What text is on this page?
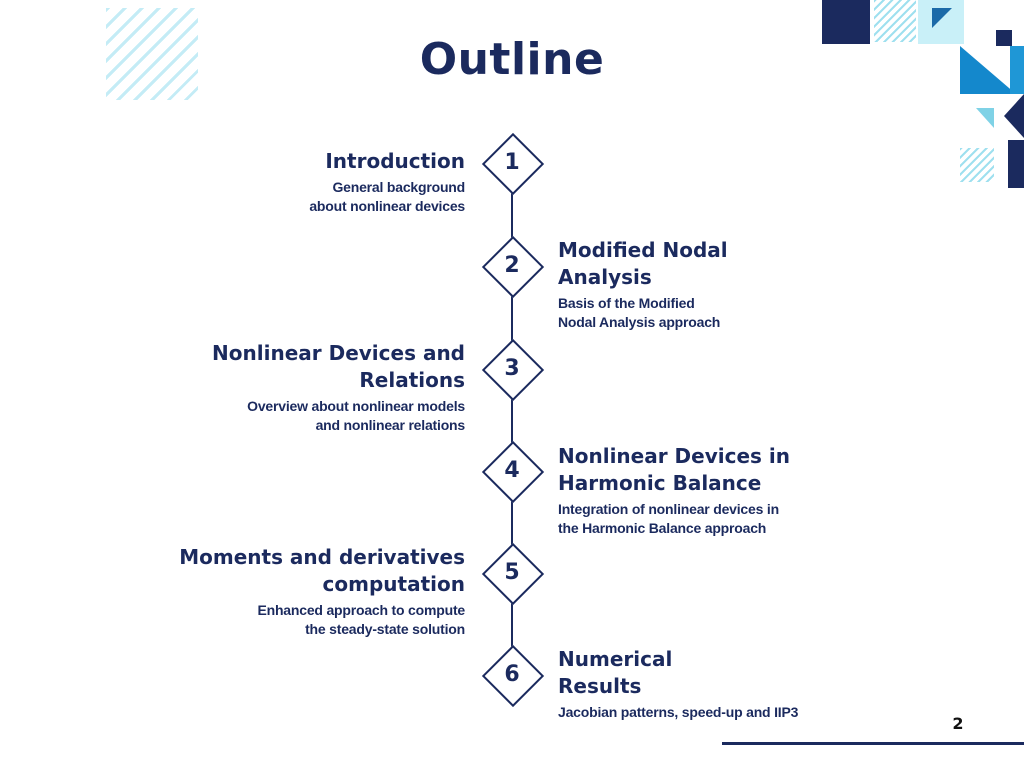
Outline
1
2
3
4
5
6
Introduction
General background
about nonlinear devices
Modified Nodal
Analysis
Basis of the Modified
Nodal Analysis approach
Nonlinear Devices and
Relations
Overview about nonlinear models
and nonlinear relations
Nonlinear Devices in
Harmonic Balance
Integration of nonlinear devices in
the Harmonic Balance approach
Moments and derivatives
computation
Enhanced approach to compute
the steady-state solution
Numerical
Results
Jacobian patterns, speed-up and IIP3
2
